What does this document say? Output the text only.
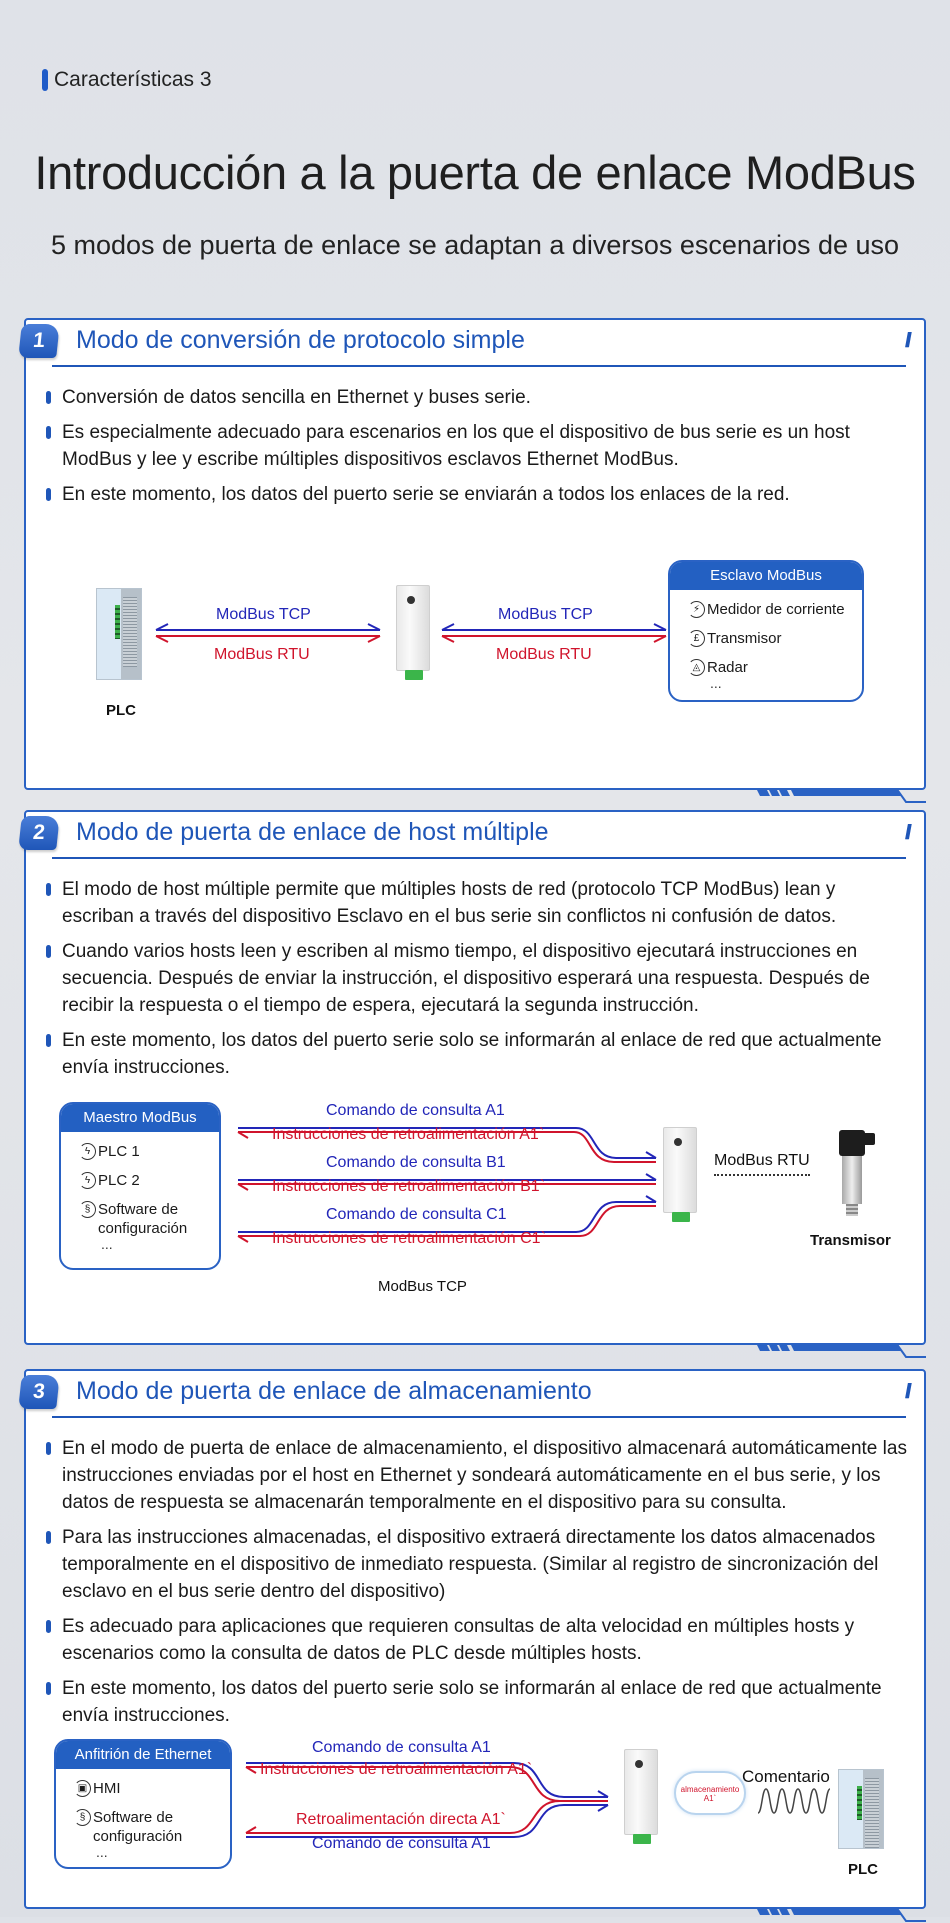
Características 3
Introducción a la puerta de enlace ModBus
5 modos de puerta de enlace se adaptan a diversos escenarios de uso
1	Modo de conversión de protocolo simple	//
Conversión de datos sencilla en Ethernet y buses serie.
Es especialmente adecuado para escenarios en los que el dispositivo de bus serie es un host ModBus y lee y escribe múltiples dispositivos esclavos Ethernet ModBus.
En este momento, los datos del puerto serie se enviarán a todos los enlaces de la red.
PLC
ModBus TCP
ModBus RTU
ModBus TCP
ModBus RTU
Esclavo ModBus
⚡ Medidor de corriente
£ Transmisor
◬ Radar
...
2	Modo de puerta de enlace de host múltiple	//
El modo de host múltiple permite que múltiples hosts de red (protocolo TCP ModBus) lean y escriban a través del dispositivo Esclavo en el bus serie sin conflictos ni confusión de datos.
Cuando varios hosts leen y escriben al mismo tiempo, el dispositivo ejecutará instrucciones en secuencia. Después de enviar la instrucción, el dispositivo esperará una respuesta. Después de recibir la respuesta o el tiempo de espera, ejecutará la segunda instrucción.
En este momento, los datos del puerto serie solo se informarán al enlace de red que actualmente envía instrucciones.
Maestro ModBus
ϟ PLC 1
ϟ PLC 2
§ Software de configuración
...
Comando de consulta A1
Instrucciones de retroalimentación A1`
Comando de consulta B1
Instrucciones de retroalimentación B1`
Comando de consulta C1
Instrucciones de retroalimentación C1`
ModBus TCP
ModBus RTU
Transmisor
3	Modo de puerta de enlace de almacenamiento	//
En el modo de puerta de enlace de almacenamiento, el dispositivo almacenará automáticamente las instrucciones enviadas por el host en Ethernet y sondeará automáticamente en el bus serie, y los datos de respuesta se almacenarán temporalmente en el dispositivo para su consulta.
Para las instrucciones almacenadas, el dispositivo extraerá directamente los datos almacenados temporalmente en el dispositivo de inmediato respuesta. (Similar al registro de sincronización del esclavo en el bus serie dentro del dispositivo)
Es adecuado para aplicaciones que requieren consultas de alta velocidad en múltiples hosts y escenarios como la consulta de datos de PLC desde múltiples hosts.
En este momento, los datos del puerto serie solo se informarán al enlace de red que actualmente envía instrucciones.
Anfitrión de Ethernet
▣ HMI
§ Software de configuración
...
Comando de consulta A1
Instrucciones de retroalimentación A1`
Retroalimentación directa A1`
Comando de consulta A1
almacenamiento A1`
Comentario
PLC
